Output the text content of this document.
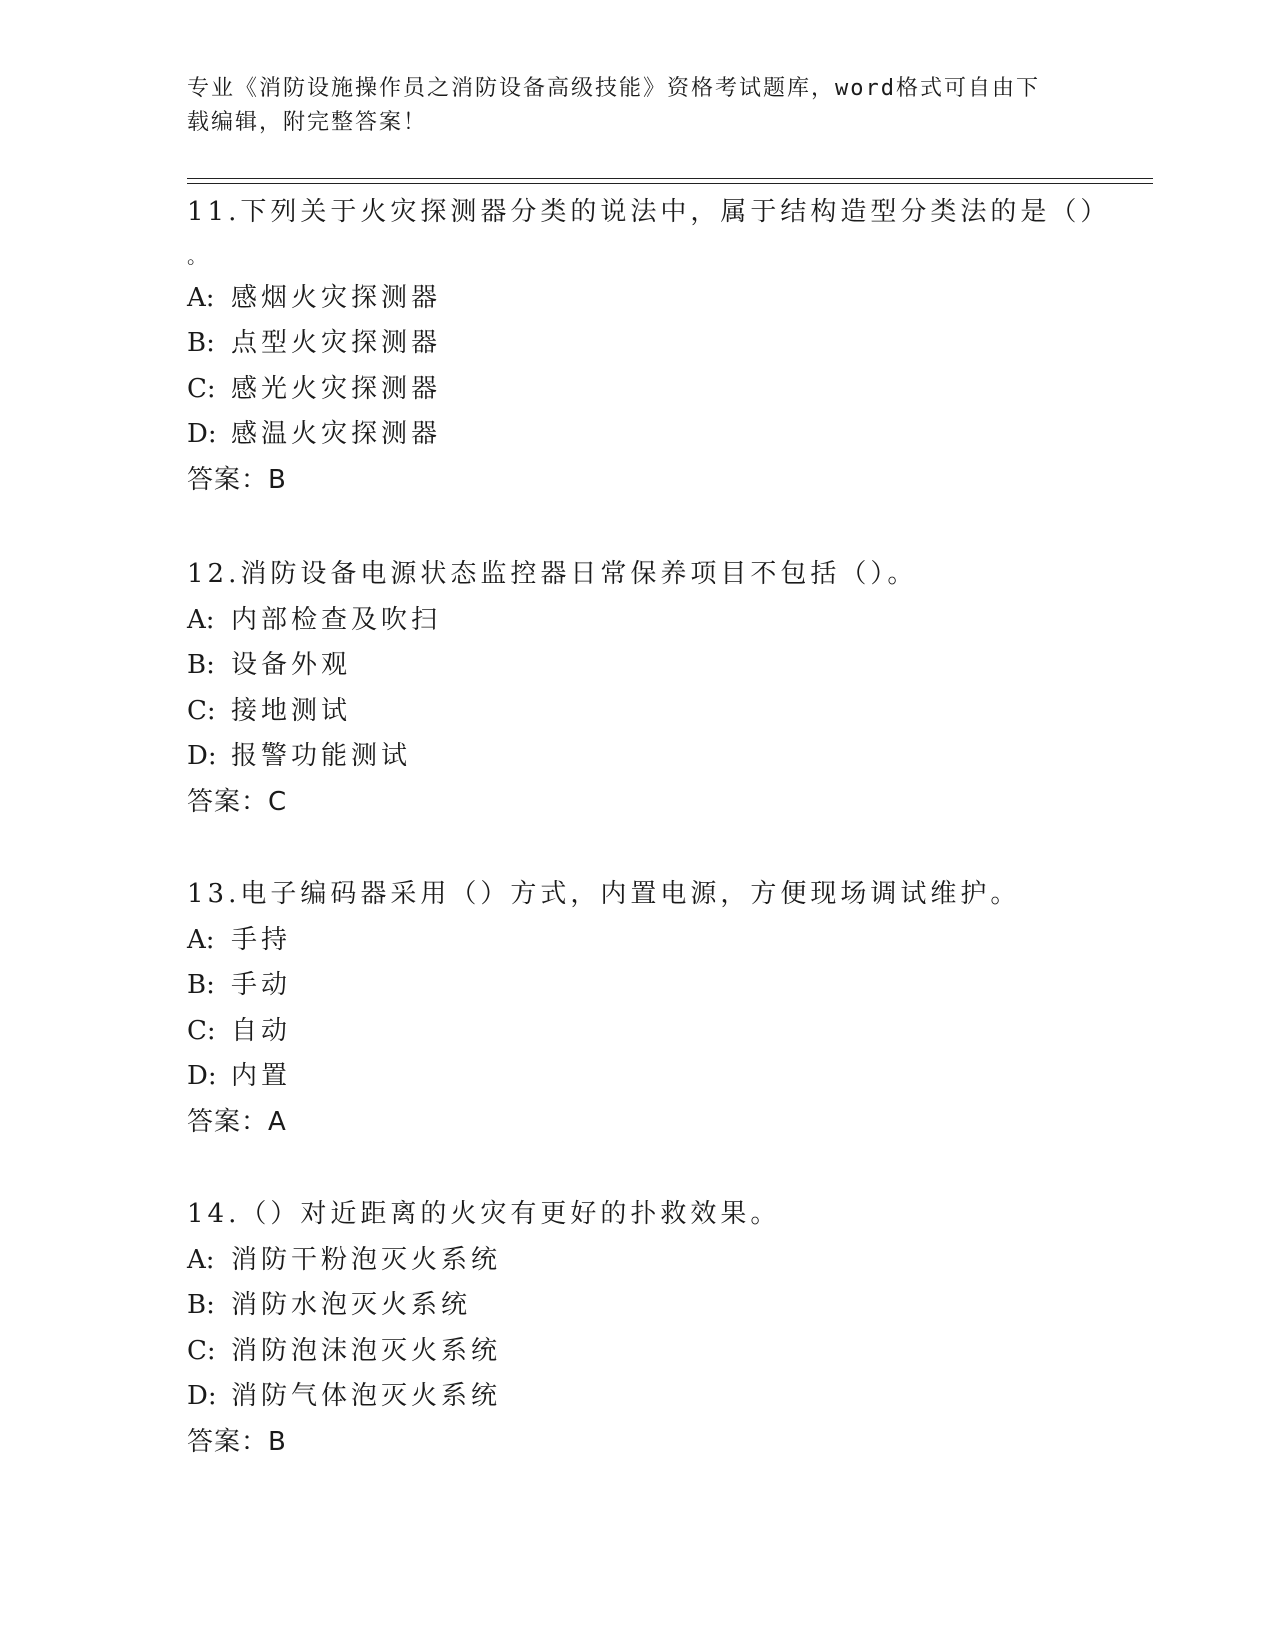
专业《消防设施操作员之消防设备高级技能》资格考试题库，word格式可自由下
载编辑，附完整答案！
11.下列关于火灾探测器分类的说法中，属于结构造型分类法的是（）
。
A: 感烟火灾探测器
B: 点型火灾探测器
C: 感光火灾探测器
D: 感温火灾探测器
答案：B
12.消防设备电源状态监控器日常保养项目不包括（）。
A: 内部检查及吹扫
B: 设备外观
C: 接地测试
D: 报警功能测试
答案：C
13.电子编码器采用（）方式，内置电源，方便现场调试维护。
A: 手持
B: 手动
C: 自动
D: 内置
答案：A
14.（）对近距离的火灾有更好的扑救效果。
A: 消防干粉泡灭火系统
B: 消防水泡灭火系统
C: 消防泡沫泡灭火系统
D: 消防气体泡灭火系统
答案：B
